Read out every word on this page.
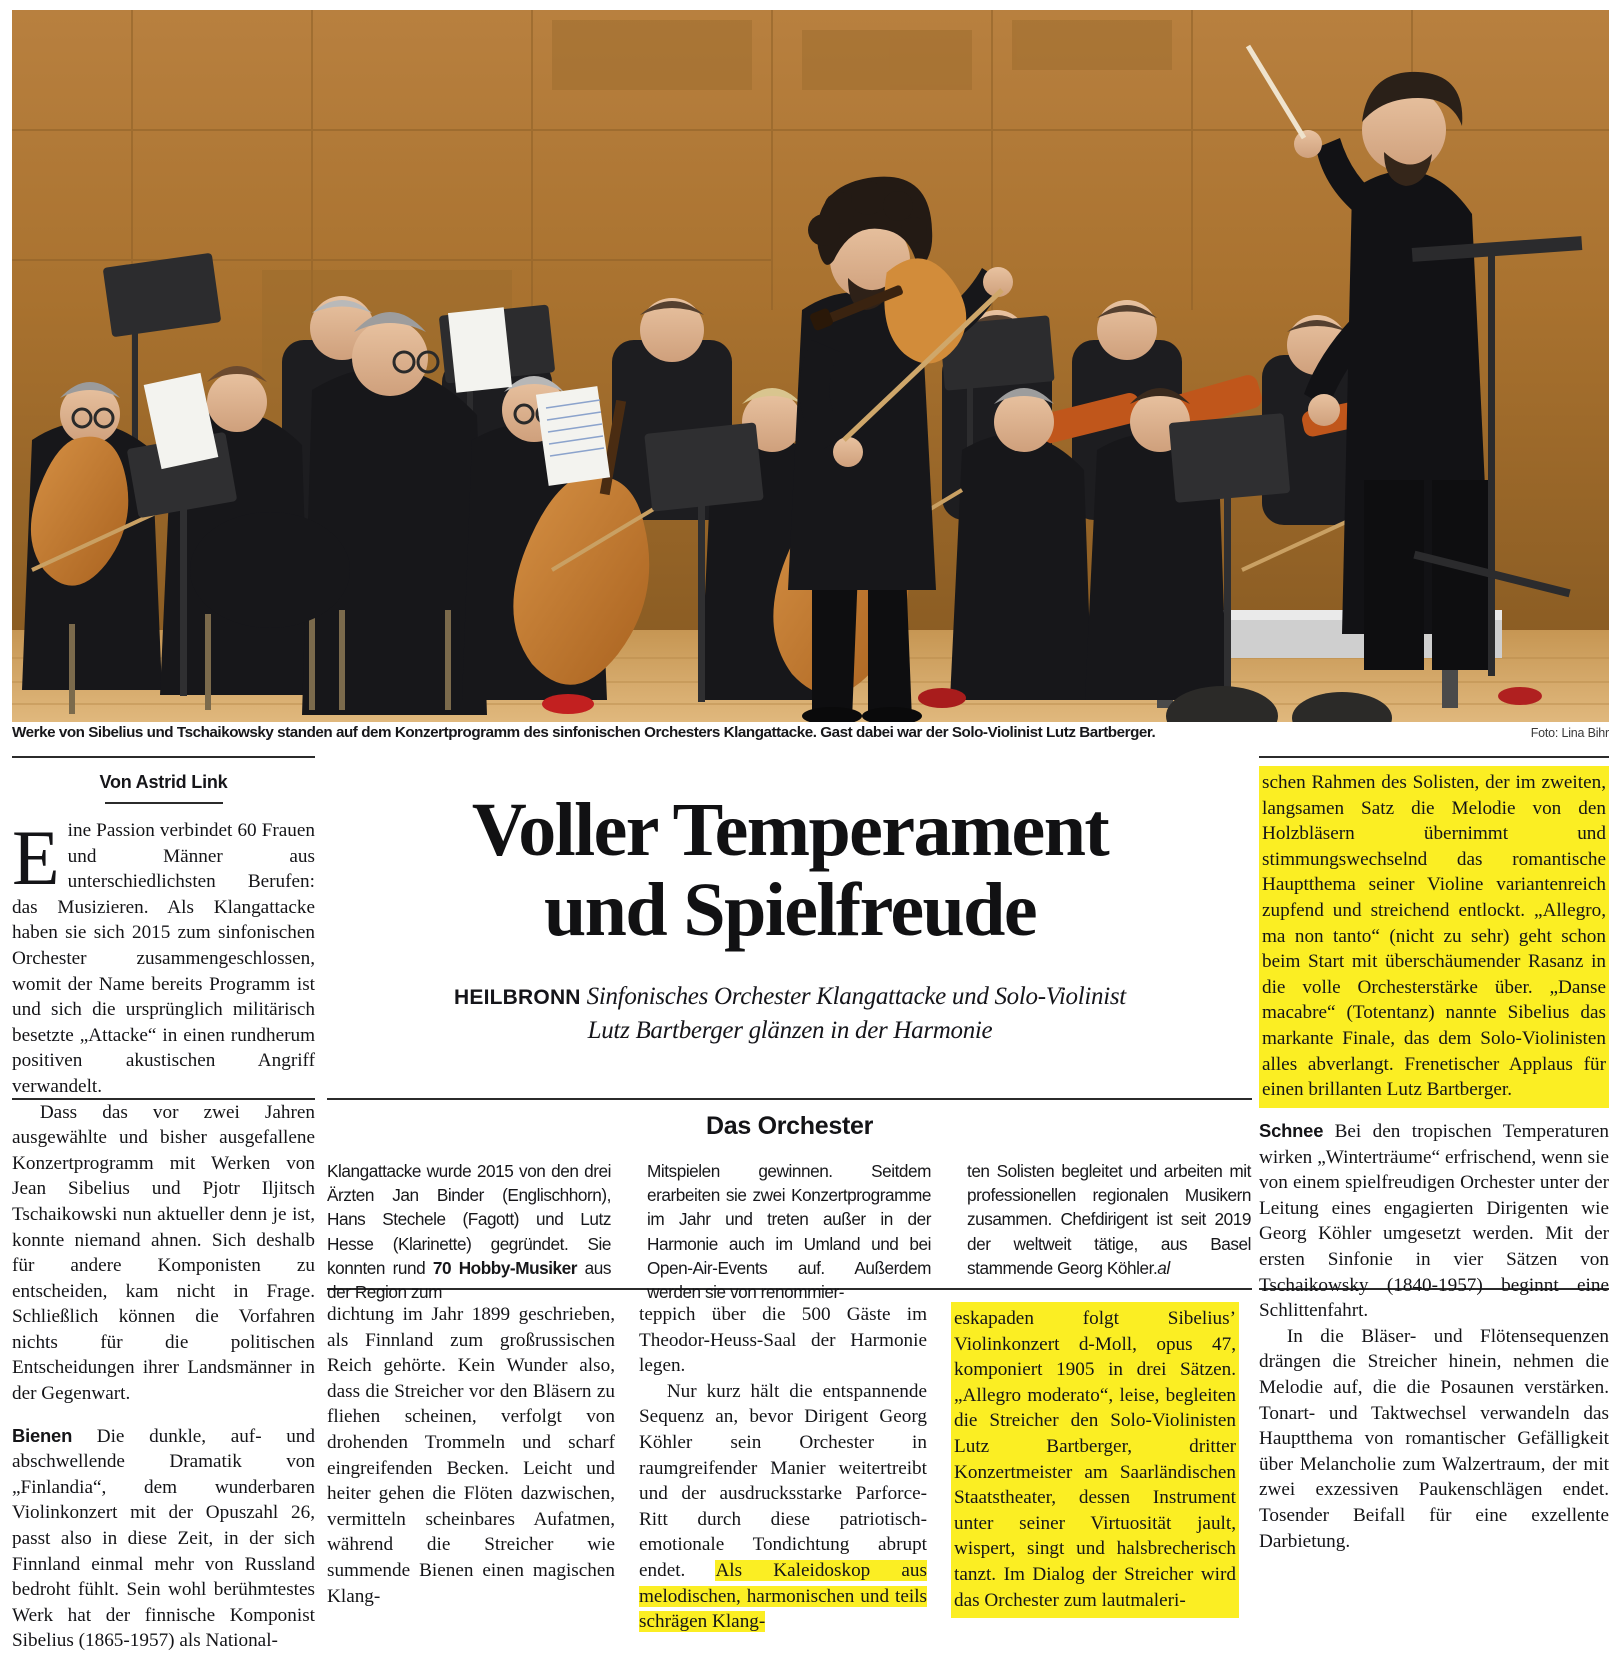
Werke von Sibelius und Tschaikowsky standen auf dem Konzertprogramm des sinfonischen Orchesters Klangattacke. Gast dabei war der Solo-Violinist Lutz Bartberger.	Foto: Lina Bihr
Von Astrid Link

Eine Passion verbindet 60 Frauen und Männer aus unterschiedlichsten Berufen: das Musizieren. Als Klangattacke haben sie sich 2015 zum sinfonischen Orchester zusammengeschlossen, womit der Name bereits Programm ist und sich die ursprünglich militärisch besetzte „Attacke“ in einen rundherum positiven akustischen Angriff verwandelt.

Dass das vor zwei Jahren ausgewählte und bisher ausgefallene Konzertprogramm mit Werken von Jean Sibelius und Pjotr Iljitsch Tschaikowski nun aktueller denn je ist, konnte niemand ahnen. Sich deshalb für andere Komponisten zu entscheiden, kam nicht in Frage. Schließlich können die Vorfahren nichts für die politischen Entscheidungen ihrer Landsmänner in der Gegenwart.

Bienen Die dunkle, auf- und abschwellende Dramatik von „Finlandia“, dem wunderbaren Violinkonzert mit der Opuszahl 26, passt also in diese Zeit, in der sich Finnland einmal mehr von Russland bedroht fühlt. Sein wohl berühmtestes Werk hat der finnische Komponist Sibelius (1865-1957) als National-

Voller Temperament
und Spielfreude

HEILBRONN Sinfonisches Orchester Klangattacke und Solo-Violinist

Lutz Bartberger glänzen in der Harmonie

Das Orchester

Klangattacke wurde 2015 von den drei Ärzten Jan Binder (Englischhorn), Hans Stechele (Fagott) und Lutz Hesse (Klarinette) gegründet. Sie konnten rund 70 Hobby-Musiker aus der Region zum

Mitspielen gewinnen. Seitdem erarbeiten sie zwei Konzertprogramme im Jahr und treten außer in der Harmonie auch im Umland und bei Open-Air-Events auf. Außerdem werden sie von renommier-

ten Solisten begleitet und arbeiten mit professionellen regionalen Musikern zusammen. Chefdirigent ist seit 2019 der weltweit tätige, aus Basel stammende Georg Köhler.al

dichtung im Jahr 1899 geschrieben, als Finnland zum großrussischen Reich gehörte. Kein Wunder also, dass die Streicher vor den Bläsern zu fliehen scheinen, verfolgt von drohenden Trommeln und scharf eingreifenden Becken. Leicht und heiter gehen die Flöten dazwischen, vermitteln scheinbares Aufatmen, während die Streicher wie summende Bienen einen magischen Klang-

teppich über die 500 Gäste im Theodor-Heuss-Saal der Harmonie legen.

Nur kurz hält die entspannende Sequenz an, bevor Dirigent Georg Köhler sein Orchester in raumgreifender Manier weitertreibt und der ausdrucksstarke Parforce-Ritt durch diese patriotisch-emotionale Tondichtung abrupt endet. Als Kaleidoskop aus melodischen, harmonischen und teils schrägen Klang-

eskapaden folgt Sibelius’ Violinkonzert d-Moll, opus 47, komponiert 1905 in drei Sätzen. „Allegro moderato“, leise, begleiten die Streicher den Solo-Violinisten Lutz Bartberger, dritter Konzertmeister am Saarländischen Staatstheater, dessen Instrument unter seiner Virtuosität jault, wispert, singt und halsbrecherisch tanzt. Im Dialog der Streicher wird das Orchester zum lautmaleri-

schen Rahmen des Solisten, der im zweiten, langsamen Satz die Melodie von den Holzbläsern übernimmt und stimmungswechselnd das romantische Hauptthema seiner Violine variantenreich zupfend und streichend entlockt. „Allegro, ma non tanto“ (nicht zu sehr) geht schon beim Start mit überschäumender Rasanz in die volle Orchesterstärke über. „Danse macabre“ (Totentanz) nannte Sibelius das markante Finale, das dem Solo-Violinisten alles abverlangt. Frenetischer Applaus für einen brillanten Lutz Bartberger.

Schnee Bei den tropischen Temperaturen wirken „Winterträume“ erfrischend, wenn sie von einem spielfreudigen Orchester unter der Leitung eines engagierten Dirigenten wie Georg Köhler umgesetzt werden. Mit der ersten Sinfonie in vier Sätzen von Tschaikowsky (1840-1957) beginnt eine Schlittenfahrt.

In die Bläser- und Flötensequenzen drängen die Streicher hinein, nehmen die Melodie auf, die die Posaunen verstärken. Tonart- und Taktwechsel verwandeln das Hauptthema von romantischer Gefälligkeit über Melancholie zum Walzertraum, der mit zwei exzessiven Paukenschlägen endet. Tosender Beifall für eine exzellente Darbietung.
